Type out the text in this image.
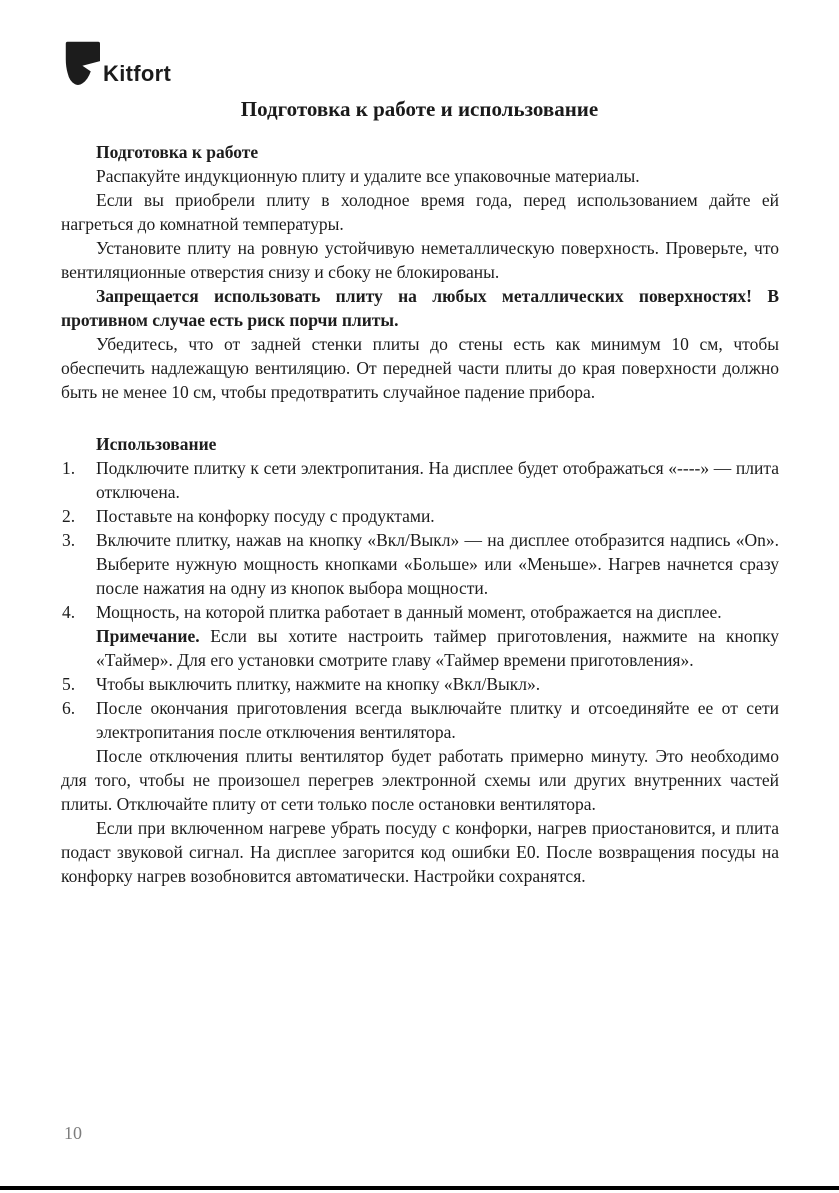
Kitfort
Подготовка к работе и использование
Подготовка к работе

Распакуйте индукционную плиту и удалите все упаковочные материалы.

Если вы приобрели плиту в холодное время года, перед использованием дайте ей нагреться до комнатной температуры.

Установите плиту на ровную устойчивую неметаллическую поверхность. Проверьте, что вентиляционные отверстия снизу и сбоку не блокированы.

Запрещается использовать плиту на любых металлических поверхностях! В противном случае есть риск порчи плиты.

Убедитесь, что от задней стенки плиты до стены есть как минимум 10 см, чтобы обеспечить надлежащую вентиляцию. От передней части плиты до края поверхности должно быть не менее 10 см, чтобы предотвратить случайное падение прибора.

Использование
1. Подключите плитку к сети электропитания. На дисплее будет отображаться «----» — плита отключена.
2. Поставьте на конфорку посуду с продуктами.
3. Включите плитку, нажав на кнопку «Вкл/Выкл» — на дисплее отобразится надпись «On». Выберите нужную мощность кнопками «Больше» или «Меньше». Нагрев начнется сразу после нажатия на одну из кнопок выбора мощности.
4. Мощность, на которой плитка работает в данный момент, отображается на дисплее.
Примечание. Если вы хотите настроить таймер приготовления, нажмите на кнопку «Таймер». Для его установки смотрите главу «Таймер времени приготовления».
5. Чтобы выключить плитку, нажмите на кнопку «Вкл/Выкл».
6. После окончания приготовления всегда выключайте плитку и отсоединяйте ее от сети электропитания после отключения вентилятора.

После отключения плиты вентилятор будет работать примерно минуту. Это необходимо для того, чтобы не произошел перегрев электронной схемы или других внутренних частей плиты. Отключайте плиту от сети только после остановки вентилятора.

Если при включенном нагреве убрать посуду с конфорки, нагрев приостановится, и плита подаст звуковой сигнал. На дисплее загорится код ошибки Е0. После возвращения посуды на конфорку нагрев возобновится автоматически. Настройки сохранятся.

10
